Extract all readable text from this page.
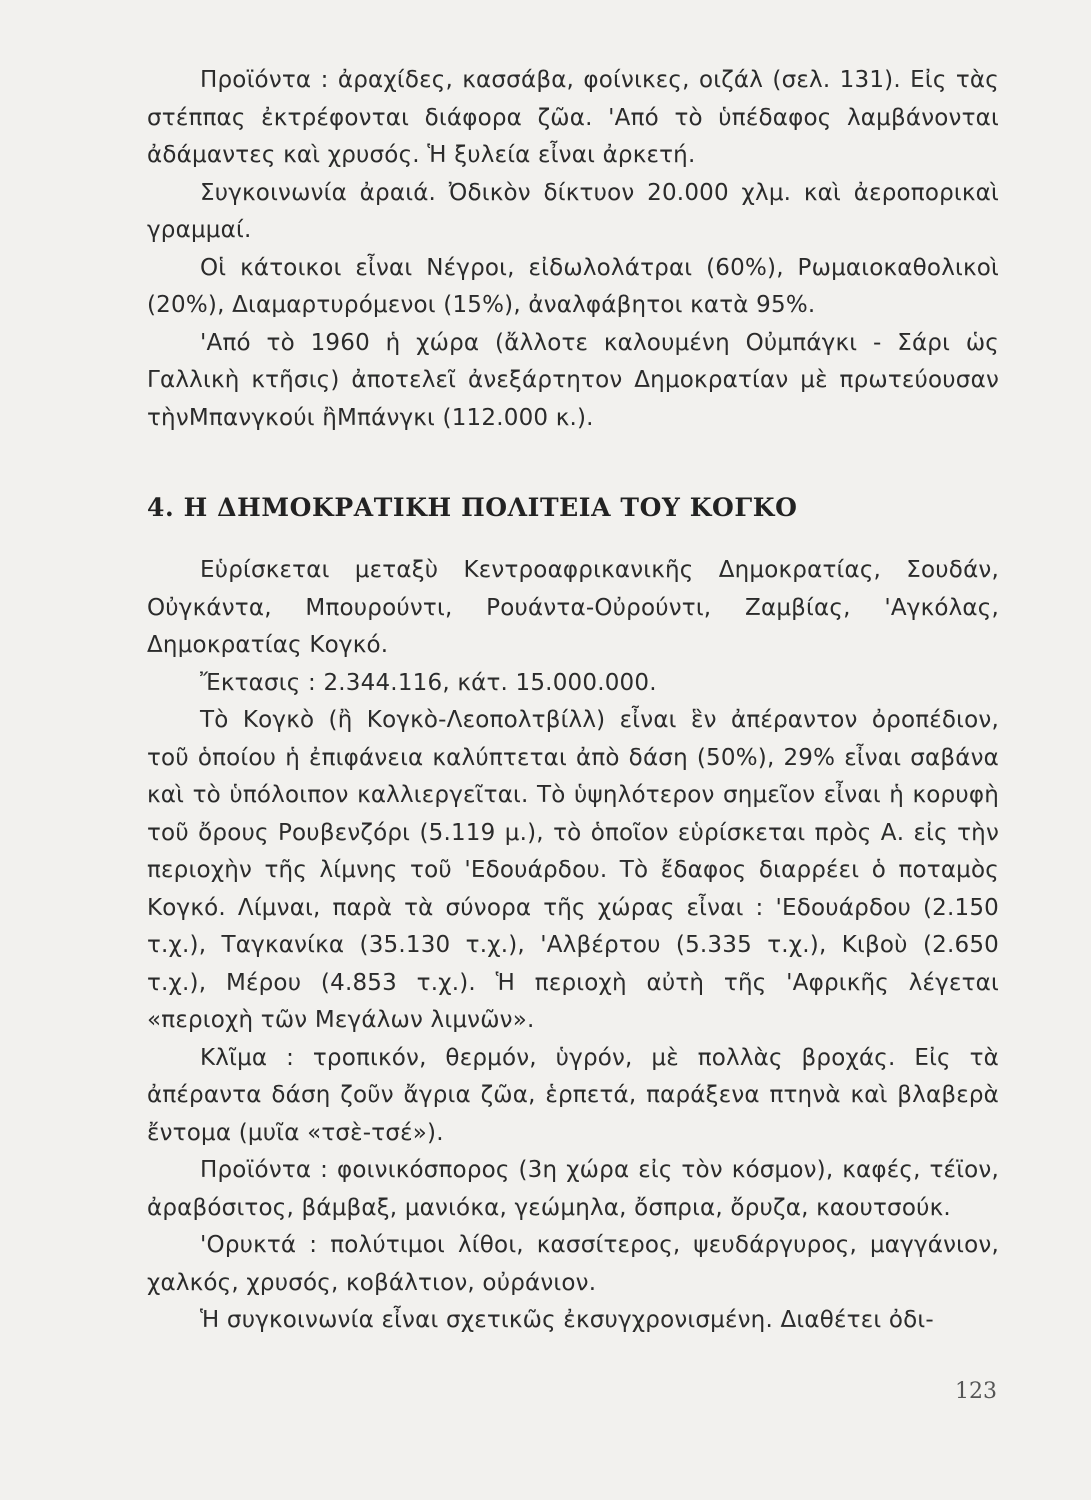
Προϊόντα : ἀραχίδες, κασσάβα, φοίνικες, οιζάλ (σελ. 131). Εἰς τὰς στέππας ἐκτρέφονται διάφορα ζῶα. 'Από τὸ ὑπέδαφος λαμβάνονται ἀδάμαντες καὶ χρυσός. Ἡ ξυλεία εἶναι ἀρκετή.

Συγκοινωνία ἀραιά. Ὀδικὸν δίκτυον 20.000 χλμ. καὶ ἀεροπορικαὶ γραμμαί.

Οἱ κάτοικοι εἶναι Νέγροι, εἰδωλολάτραι (60%), Ρωμαιοκαθολικοὶ (20%), Διαμαρτυρόμενοι (15%), ἀναλφάβητοι κατὰ 95%.

'Από τὸ 1960 ἡ χώρα (ἄλλοτε καλουμένη Οὐμπάγκι - Σάρι ὡς Γαλλικὴ κτῆσις) ἀποτελεῖ ἀνεξάρτητον Δημοκρατίαν μὲ πρωτεύουσαν τὴνΜπανγκούι ἢΜπάνγκι (112.000 κ.).

4. Η ΔΗΜΟΚΡΑΤΙΚΗ ΠΟΛΙΤΕΙΑ ΤΟΥ ΚΟΓΚΟ

Εὑρίσκεται μεταξὺ Κεντροαφρικανικῆς Δημοκρατίας, Σουδάν, Οὐγκάντα, Μπουρούντι, Ρουάντα-Οὐρούντι, Ζαμβίας, 'Αγκόλας, Δημοκρατίας Κογκό.

Ἔκτασις : 2.344.116, κάτ. 15.000.000.

Τὸ Κογκὸ (ἢ Κογκὸ-Λεοπολτβίλλ) εἶναι ἓν ἀπέραντον ὀροπέδιον, τοῦ ὁποίου ἡ ἐπιφάνεια καλύπτεται ἀπὸ δάση (50%), 29% εἶναι σαβάνα καὶ τὸ ὑπόλοιπον καλλιεργεῖται. Τὸ ὑψηλότερον σημεῖον εἶναι ἡ κορυφὴ τοῦ ὄρους Ρουβενζόρι (5.119 μ.), τὸ ὁποῖον εὑρίσκεται πρὸς Α. εἰς τὴν περιοχὴν τῆς λίμνης τοῦ 'Εδουάρδου. Τὸ ἔδαφος διαρρέει ὁ ποταμὸς Κογκό. Λίμναι, παρὰ τὰ σύνορα τῆς χώρας εἶναι : 'Εδουάρδου (2.150 τ.χ.), Ταγκανίκα (35.130 τ.χ.), 'Αλβέρτου (5.335 τ.χ.), Κιβοὺ (2.650 τ.χ.), Μέρου (4.853 τ.χ.). Ἡ περιοχὴ αὐτὴ τῆς 'Αφρικῆς λέγεται «περιοχὴ τῶν Μεγάλων λιμνῶν».

Κλῖμα : τροπικόν, θερμόν, ὑγρόν, μὲ πολλὰς βροχάς. Εἰς τὰ ἀπέραντα δάση ζοῦν ἄγρια ζῶα, ἑρπετά, παράξενα πτηνὰ καὶ βλαβερὰ ἔντομα (μυῖα «τσὲ-τσέ»).

Προϊόντα : φοινικόσπορος (3η χώρα εἰς τὸν κόσμον), καφές, τέϊον, ἀραβόσιτος, βάμβαξ, μανιόκα, γεώμηλα, ὄσπρια, ὄρυζα, καουτσούκ.

'Ορυκτά : πολύτιμοι λίθοι, κασσίτερος, ψευδάργυρος, μαγγάνιον, χαλκός, χρυσός, κοβάλτιον, οὐράνιον.

Ἡ συγκοινωνία εἶναι σχετικῶς ἐκσυγχρονισμένη. Διαθέτει ὀδι-

123
